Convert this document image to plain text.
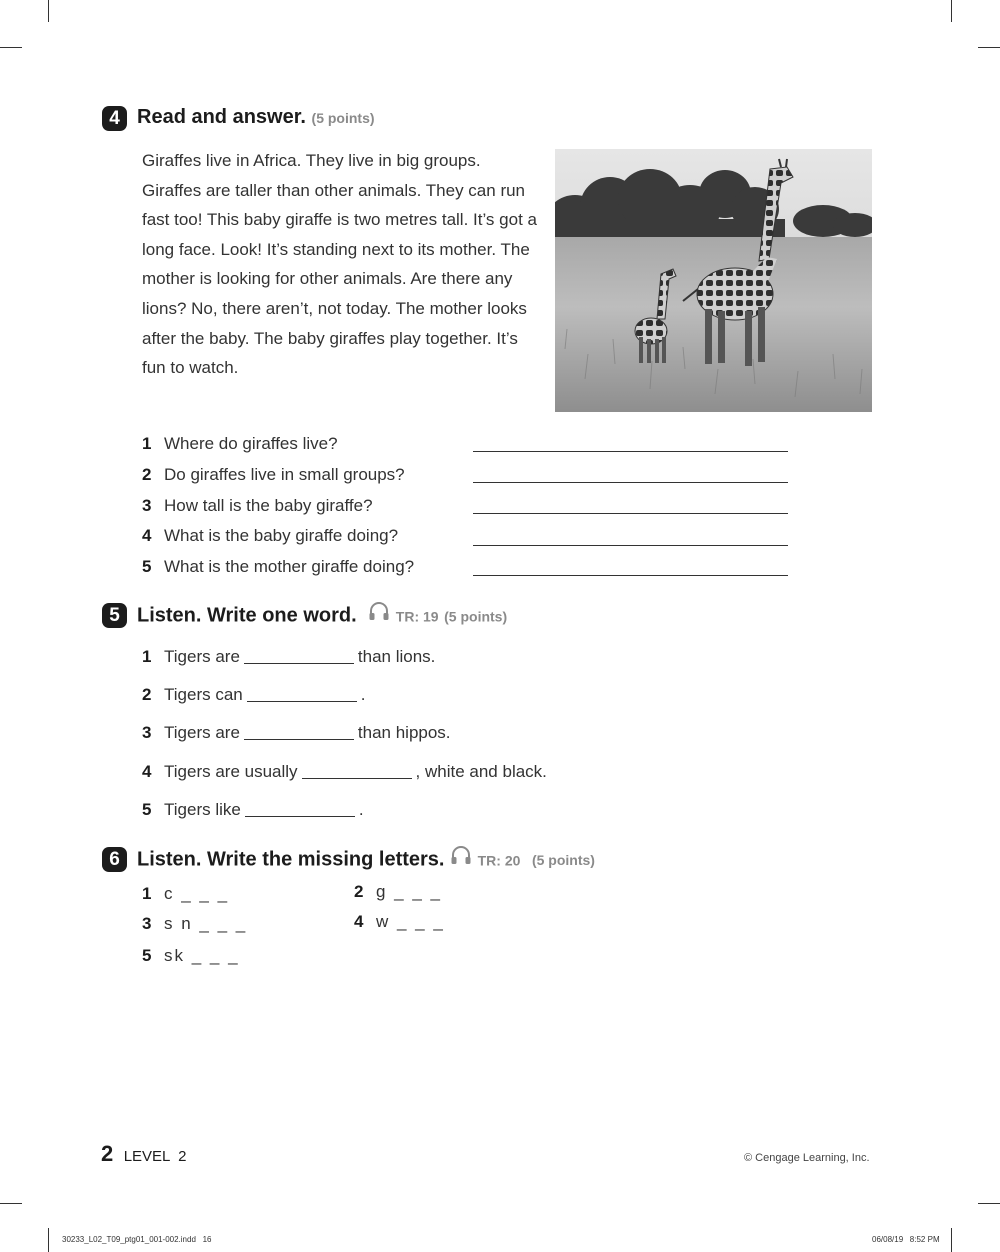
4 Read and answer. (5 points)
Giraffes live in Africa. They live in big groups. Giraffes are taller than other animals. They can run fast too! This baby giraffe is two metres tall. It’s got a long face. Look! It’s standing next to its mother. The mother is looking for other animals. Are there any lions? No, there aren’t, not today. The mother looks after the baby. The baby giraffes play together. It’s fun to watch.
1 Where do giraffes live?
2 Do giraffes live in small groups?
3 How tall is the baby giraffe?
4 What is the baby giraffe doing?
5 What is the mother giraffe doing?
5 Listen. Write one word.	TR: 19 (5 points)
1 Tigers are	than lions.
2 Tigers can	.
3 Tigers are	than hippos.
4 Tigers are usually	, white and black.
5 Tigers like	.
6 Listen. Write the missing letters. TR: 20 (5 points)
1 c _ _ _	2 g _ _ _
3 s n _ _ _	4 w _ _ _
5 sk _ _ _
2 LEVEL  2	© Cengage Learning, Inc.
30233_L02_T09_ptg01_001-002.indd   16	06/08/19   8:52 PM
